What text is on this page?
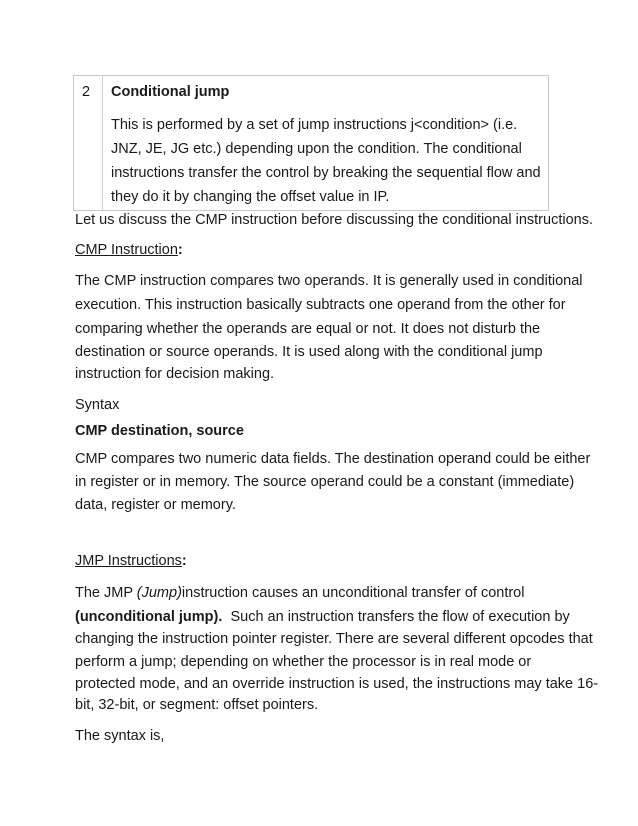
2 Conditional jump
This is performed by a set of jump instructions j<condition> (i.e. JNZ, JE, JG etc.) depending upon the condition. The conditional instructions transfer the control by breaking the sequential flow and they do it by changing the offset value in IP.
Let us discuss the CMP instruction before discussing the conditional instructions.
CMP Instruction:
The CMP instruction compares two operands. It is generally used in conditional
execution. This instruction basically subtracts one operand from the other for
comparing whether the operands are equal or not. It does not disturb the
destination or source operands. It is used along with the conditional jump
instruction for decision making.
Syntax
CMP destination, source
CMP compares two numeric data fields. The destination operand could be either
in register or in memory. The source operand could be a constant (immediate)
data, register or memory.
JMP Instructions:
The JMP (Jump)instruction causes an unconditional transfer of control
(unconditional jump).  Such an instruction transfers the flow of execution by
changing the instruction pointer register. There are several different opcodes that
perform a jump; depending on whether the processor is in real mode or
protected mode, and an override instruction is used, the instructions may take 16-
bit, 32-bit, or segment: offset pointers.
The syntax is,
